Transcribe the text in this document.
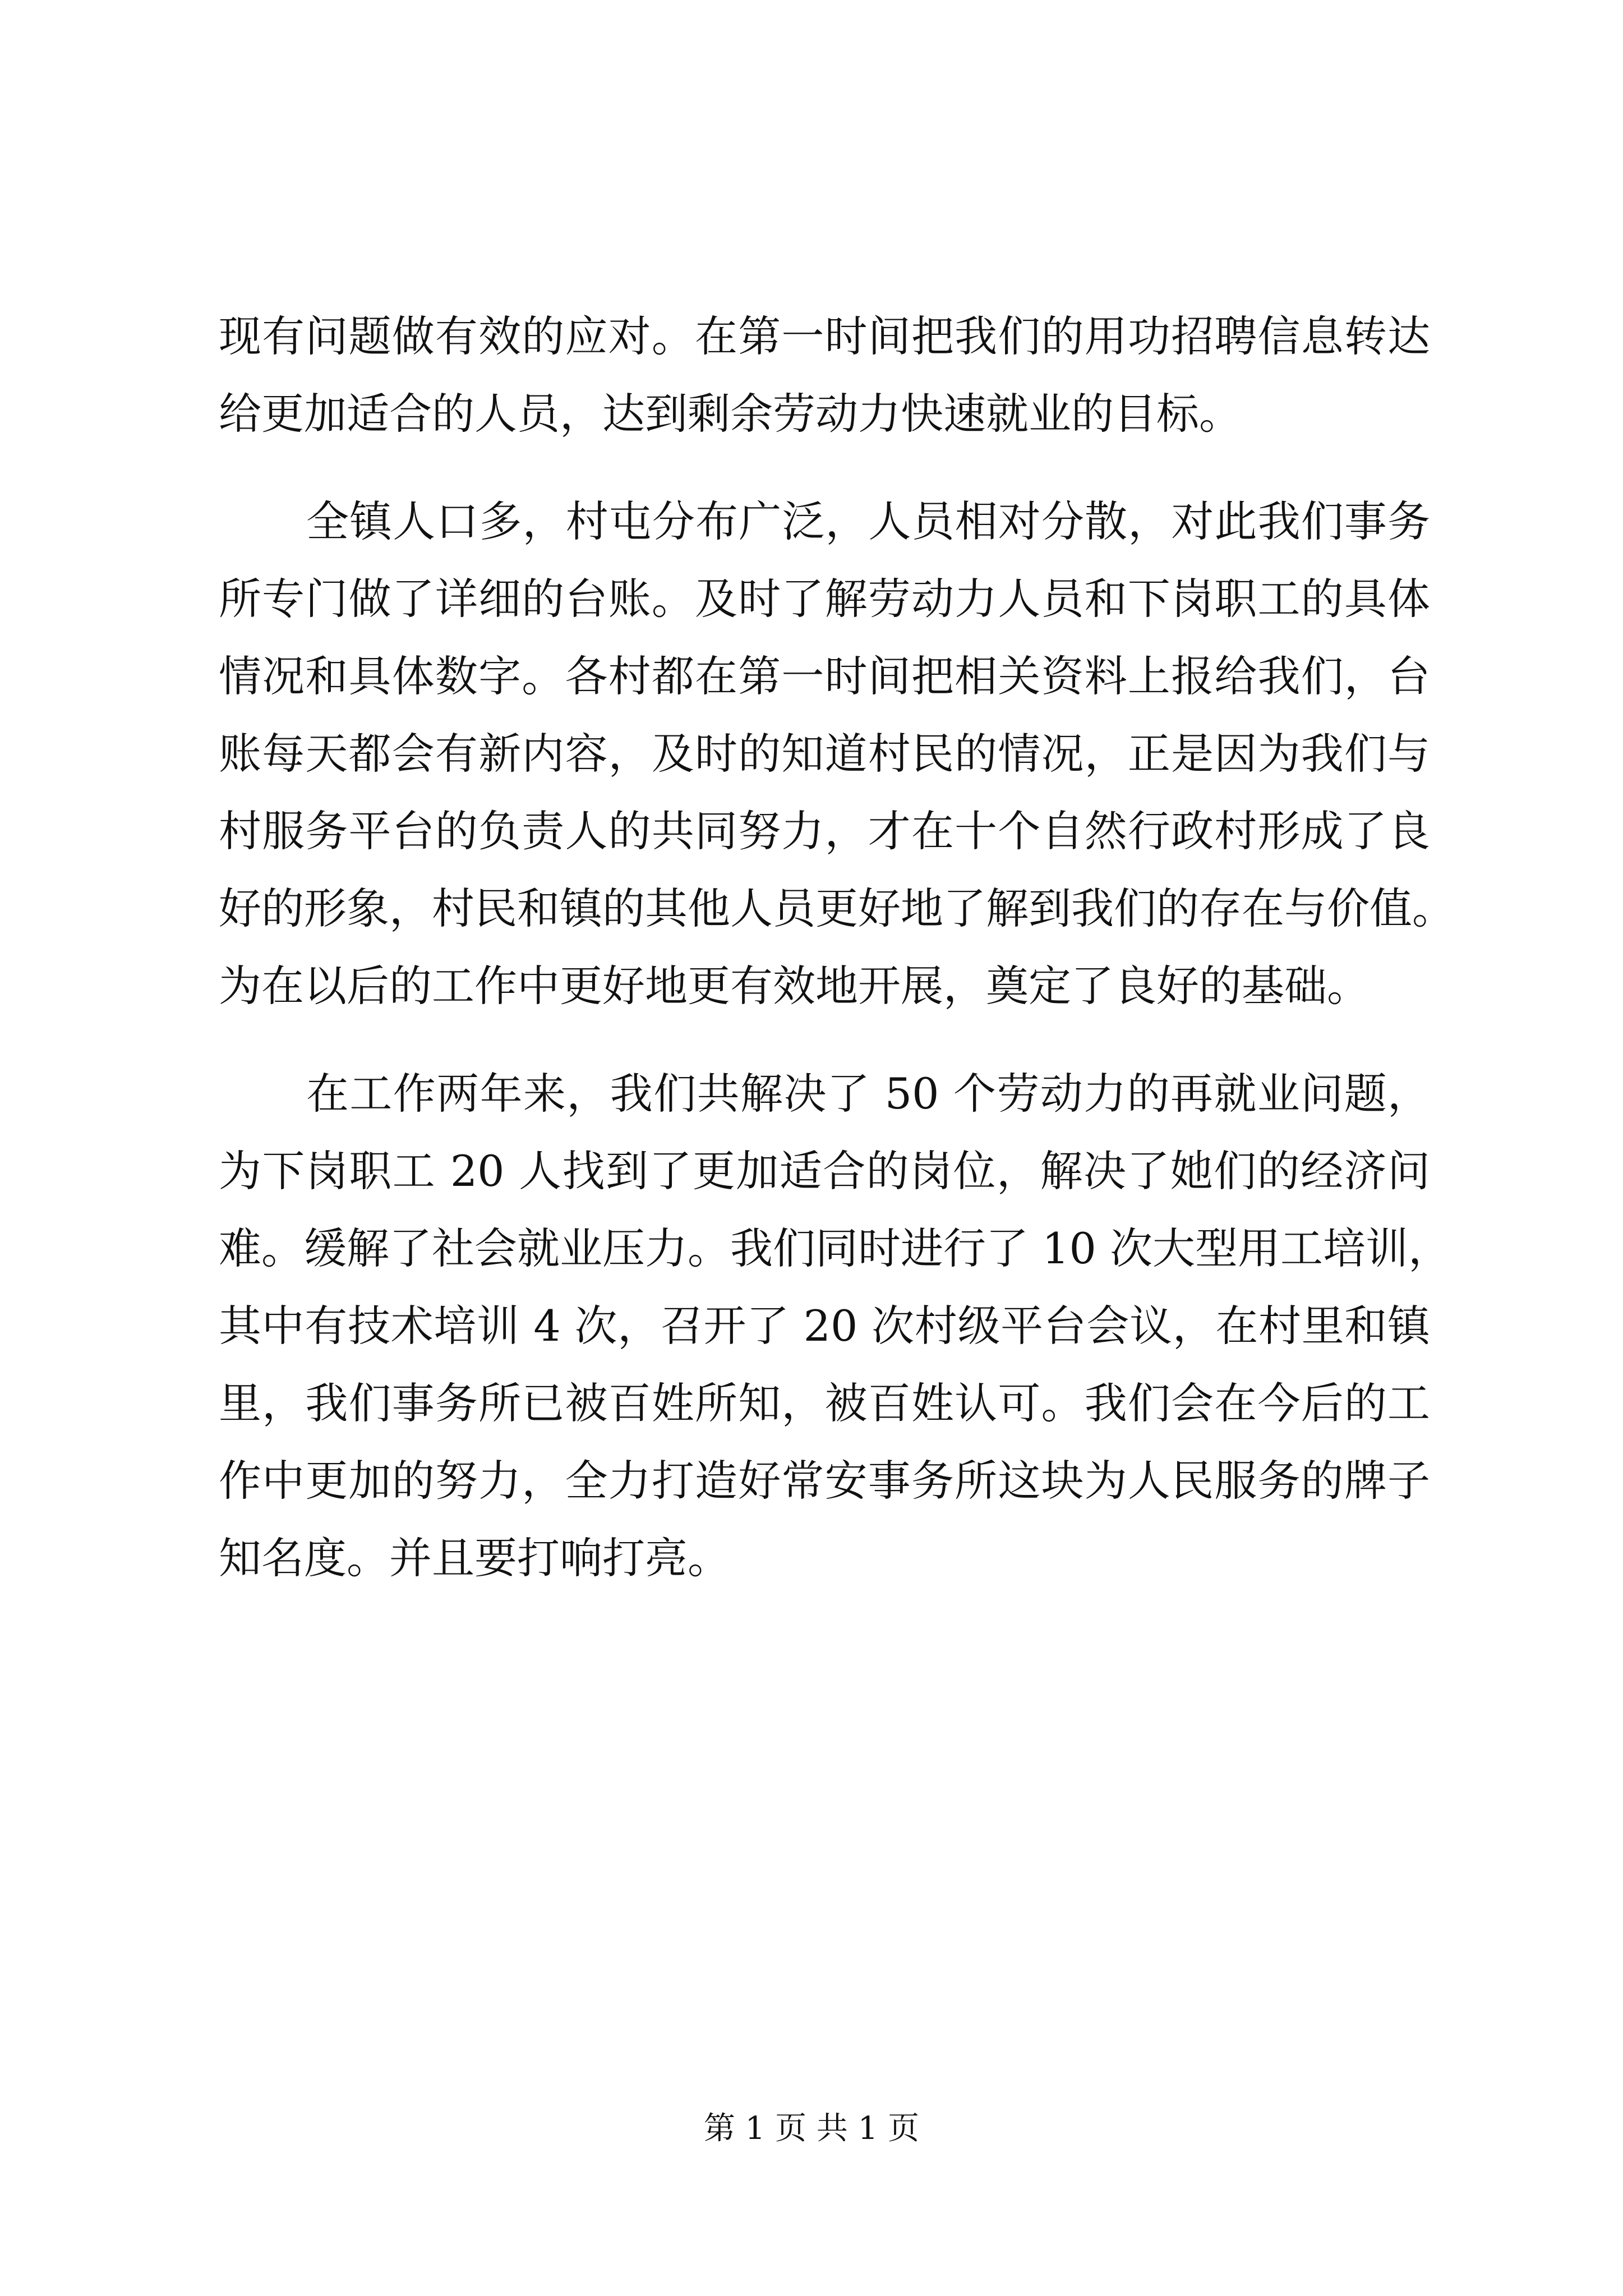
现有问题做有效的应对。在第一时间把我们的用功招聘信息转达
给更加适合的人员，达到剩余劳动力快速就业的目标。
全镇人口多，村屯分布广泛，人员相对分散，对此我们事务
所专门做了详细的台账。及时了解劳动力人员和下岗职工的具体
情况和具体数字。各村都在第一时间把相关资料上报给我们，台
账每天都会有新内容，及时的知道村民的情况，正是因为我们与
村服务平台的负责人的共同努力，才在十个自然行政村形成了良
好的形象，村民和镇的其他人员更好地了解到我们的存在与价值。
为在以后的工作中更好地更有效地开展，奠定了良好的基础。
在工作两年来，我们共解决了 50 个劳动力的再就业问题，
为下岗职工 20 人找到了更加适合的岗位，解决了她们的经济问
难。缓解了社会就业压力。我们同时进行了 10 次大型用工培训，
其中有技术培训 4 次，召开了 20 次村级平台会议，在村里和镇
里，我们事务所已被百姓所知，被百姓认可。我们会在今后的工
作中更加的努力，全力打造好常安事务所这块为人民服务的牌子
知名度。并且要打响打亮。
第 1 页 共 1 页
